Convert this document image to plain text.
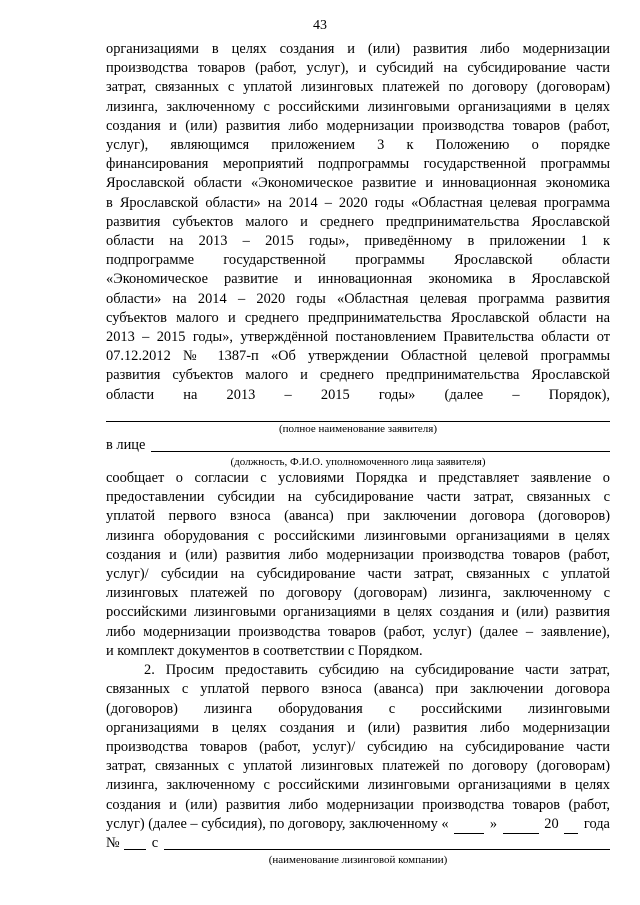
43

организациями в целях создания и (или) развития либо модернизации

производства товаров (работ, услуг), и субсидий на субсидирование части

затрат, связанных с уплатой лизинговых платежей по договору (договорам)

лизинга, заключенному с российскими лизинговыми организациями в целях

создания и (или) развития либо модернизации производства товаров (работ,

услуг), являющимся приложением 3 к Положению о порядке

финансирования мероприятий подпрограммы государственной программы

Ярославской области «Экономическое развитие и инновационная экономика

в Ярославской области» на 2014 – 2020 годы «Областная целевая программа

развития субъектов малого и среднего предпринимательства Ярославской

области на 2013 – 2015 годы», приведённому в приложении 1 к

подпрограмме государственной программы Ярославской области

«Экономическое развитие и инновационная экономика в Ярославской

области» на 2014 – 2020 годы «Областная целевая программа развития

субъектов малого и среднего предпринимательства Ярославской области на

2013 – 2015 годы», утверждённой постановлением Правительства области от

07.12.2012 № 1387-п «Об утверждении Областной целевой программы

развития субъектов малого и среднего предпринимательства Ярославской

области на 2013 – 2015 годы» (далее – Порядок),

(полное наименование заявителя)

в лице

(должность, Ф.И.О. уполномоченного лица заявителя)

сообщает о согласии с условиями Порядка и представляет заявление о

предоставлении субсидии на субсидирование части затрат, связанных с

уплатой первого взноса (аванса) при заключении договора (договоров)

лизинга оборудования с российскими лизинговыми организациями в целях

создания и (или) развития либо модернизации производства товаров (работ,

услуг)/ субсидии на субсидирование части затрат, связанных с уплатой

лизинговых платежей по договору (договорам) лизинга, заключенному с

российскими лизинговыми организациями в целях создания и (или) развития

либо модернизации производства товаров (работ, услуг) (далее – заявление),

и комплект документов в соответствии с Порядком.

2. Просим предоставить субсидию на субсидирование части затрат,

связанных с уплатой первого взноса (аванса) при заключении договора

(договоров) лизинга оборудования с российскими лизинговыми

организациями в целях создания и (или) развития либо модернизации

производства товаров (работ, услуг)/ субсидию на субсидирование части

затрат, связанных с уплатой лизинговых платежей по договору (договорам)

лизинга, заключенному с российскими лизинговыми организациями в целях

создания и (или) развития либо модернизации производства товаров (работ,

услуг) (далее – субсидия), по договору, заключенному «	»	20 года

№ с

(наименование лизинговой компании)
